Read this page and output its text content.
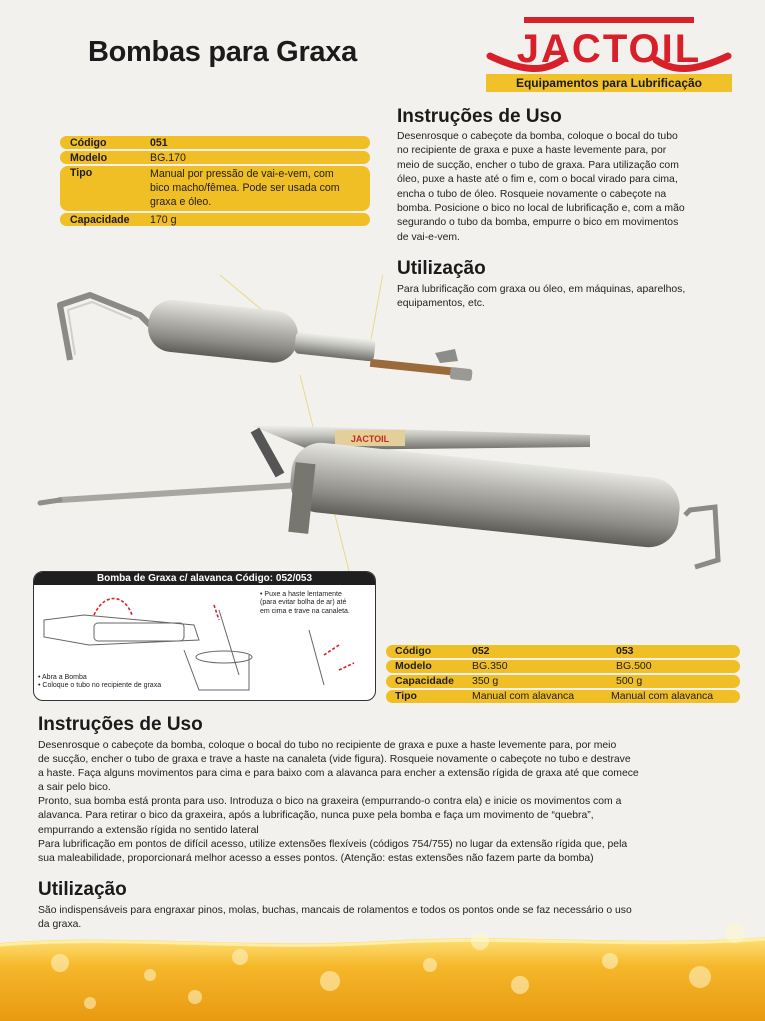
Bombas para Graxa	JACTOIL
Equipamentos para Lubrificação
Instruções de Uso
Desenrosque o cabeçote da bomba, coloque o bocal do tubo
no recipiente de graxa e puxe a haste levemente para, por
meio de sucção, encher o tubo de graxa. Para utilização com
óleo, puxe a haste até o fim e, com o bocal virado para cima,
encha o tubo de óleo. Rosqueie novamente o cabeçote na
bomba. Posicione o bico no local de lubrificação e, com a mão
segurando o tubo da bomba, empurre o bico em movimentos
de vai-e-vem.
Utilização
Para lubrificação com graxa ou óleo, em máquinas, aparelhos,
equipamentos, etc.
Código	051
Modelo	BG.170
Tipo	Manual por pressão de vai-e-vem, com
bico macho/fêmea. Pode ser usada com
graxa e óleo.
Capacidade 170 g
JACTOIL
Bomba de Graxa c/ alavanca Código: 052/053
• Puxe a haste lentamente
(para evitar bolha de ar) até
em cima e trave na canaleta.
• Abra a Bomba
• Coloque o tubo no recipiente de graxa
Código	052	053
Modelo	BG.350	BG.500
Capacidade 350 g	500 g
Tipo	Manual com alavanca	Manual com alavanca
Instruções de Uso
Desenrosque o cabeçote da bomba, coloque o bocal do tubo no recipiente de graxa e puxe a haste levemente para, por meio
de sucção, encher o tubo de graxa e trave a haste na canaleta (vide figura). Rosqueie novamente o cabeçote no tubo e destrave
a haste. Faça alguns movimentos para cima e para baixo com a alavanca para encher a extensão rígida de graxa até que comece
a sair pelo bico.
Pronto, sua bomba está pronta para uso. Introduza o bico na graxeira (empurrando-o contra ela) e inicie os movimentos com a
alavanca. Para retirar o bico da graxeira, após a lubrificação, nunca puxe pela bomba e faça um movimento de “quebra”,
empurrando a extensão rígida no sentido lateral
Para lubrificação em pontos de difícil acesso, utilize extensões flexíveis (códigos 754/755) no lugar da extensão rígida que, pela
sua maleabilidade, proporcionará melhor acesso a esses pontos. (Atenção: estas extensões não fazem parte da bomba)
Utilização
São indispensáveis para engraxar pinos, molas, buchas, mancais de rolamentos e todos os pontos onde se faz necessário o uso
da graxa.
